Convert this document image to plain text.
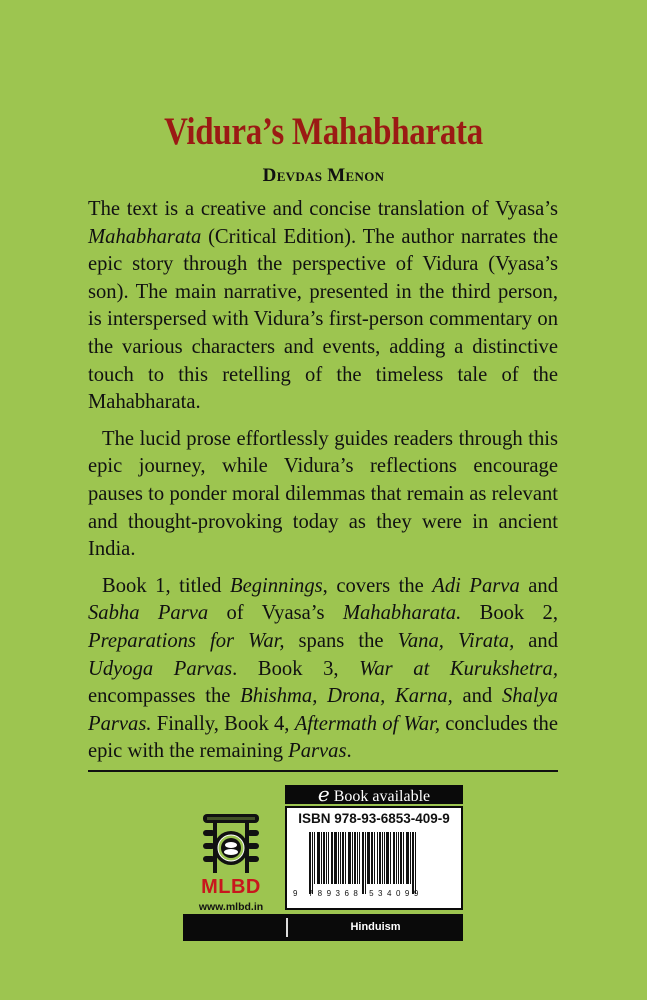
Vidura’s Mahabharata
Devdas Menon

The text is a creative and concise translation of Vyasa’s Mahabharata (Critical Edition). The author narrates the epic story through the perspective of Vidura (Vyasa’s son). The main narrative, presented in the third person, is interspersed with Vidura’s first-person commentary on the various characters and events, adding a distinctive touch to this retelling of the timeless tale of the Mahabharata.

The lucid prose effortlessly guides readers through this epic journey, while Vidura’s reflections encourage pauses to ponder moral dilemmas that remain as relevant and thought-provoking today as they were in ancient India.

Book 1, titled Beginnings, covers the Adi Parva and Sabha Parva of Vyasa’s Mahabharata. Book 2, Preparations for War, spans the Vana, Virata, and Udyoga Parvas. Book 3, War at Kurukshetra, encompasses the Bhishma, Drona, Karna, and Shalya Parvas. Finally, Book 4, Aftermath of War, concludes the epic with the remaining Parvas.

e Book available
ISBN 978-93-6853-409-9
9 789368 534099
MLBD
www.mlbd.in
Hinduism
